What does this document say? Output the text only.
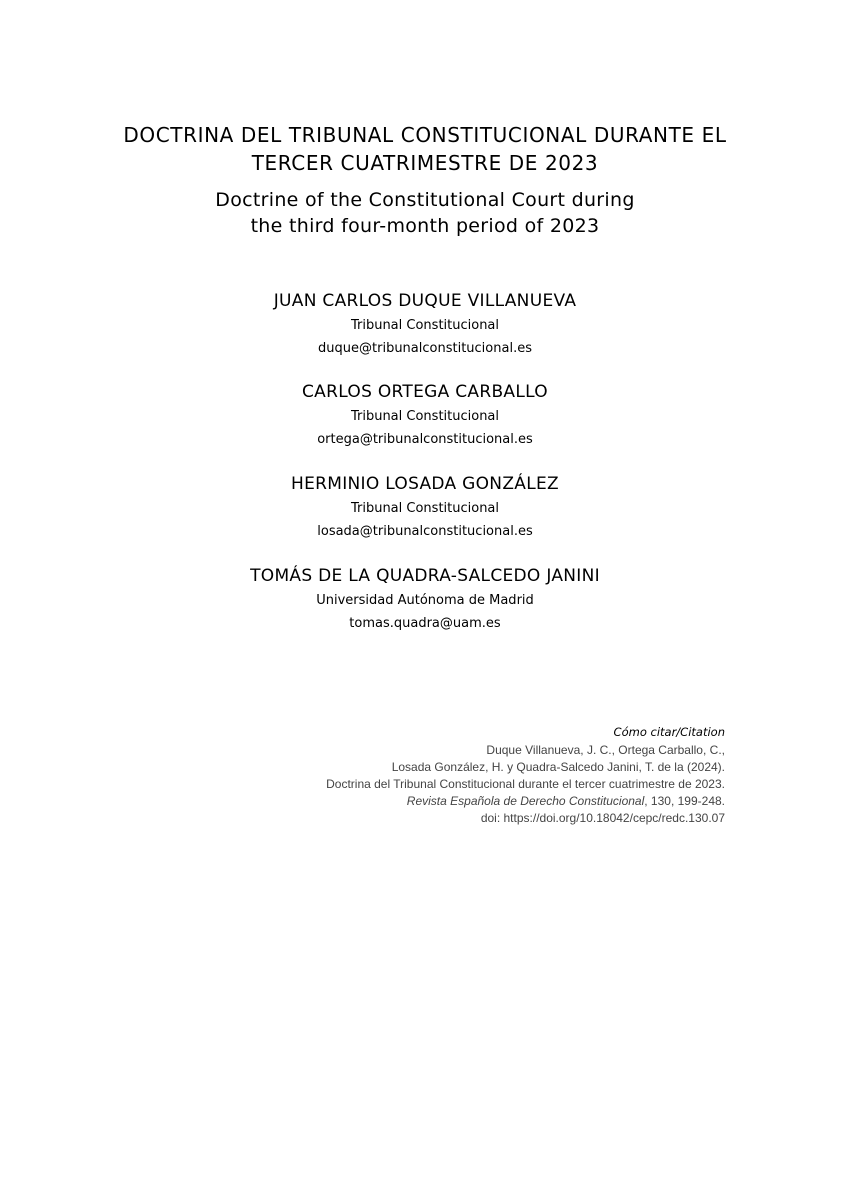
DOCTRINA DEL TRIBUNAL CONSTITUCIONAL DURANTE EL
TERCER CUATRIMESTRE DE 2023
Doctrine of the Constitutional Court during
the third four-month period of 2023
JUAN CARLOS DUQUE VILLANUEVA
Tribunal Constitucional
duque@tribunalconstitucional.es
CARLOS ORTEGA CARBALLO
Tribunal Constitucional
ortega@tribunalconstitucional.es
HERMINIO LOSADA GONZÁLEZ
Tribunal Constitucional
losada@tribunalconstitucional.es
TOMÁS DE LA QUADRA-SALCEDO JANINI
Universidad Autónoma de Madrid
tomas.quadra@uam.es
Cómo citar/Citation
Duque Villanueva, J. C., Ortega Carballo, C.,
Losada González, H. y Quadra-Salcedo Janini, T. de la (2024).
Doctrina del Tribunal Constitucional durante el tercer cuatrimestre de 2023.
Revista Española de Derecho Constitucional, 130, 199-248.
doi: https://doi.org/10.18042/cepc/redc.130.07
